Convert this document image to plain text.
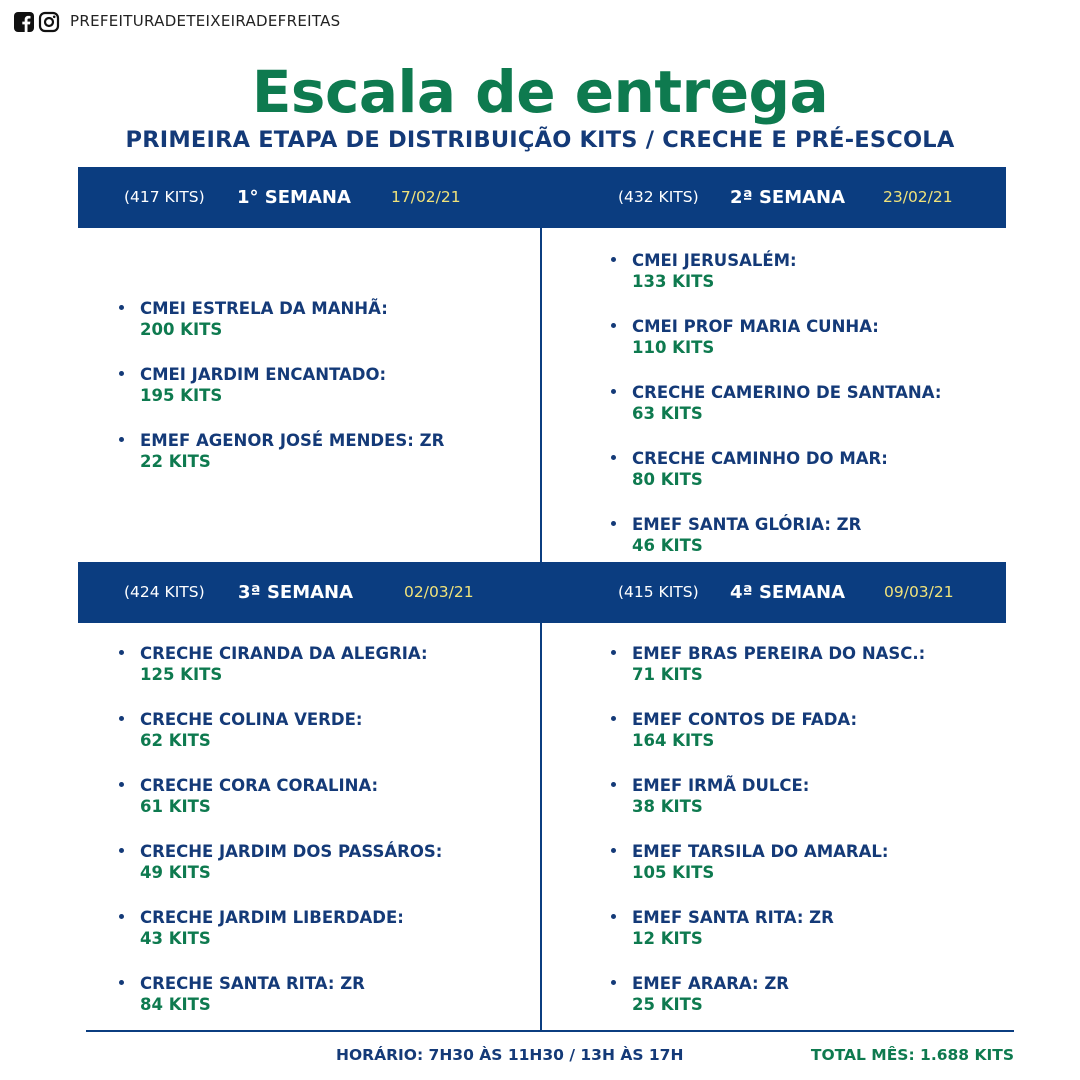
PREFEITURADETEIXEIRADEFREITAS
Escala de entrega
PRIMEIRA ETAPA DE DISTRIBUIÇÃO KITS / CRECHE E PRÉ-ESCOLA
(417 KITS) 1° SEMANA	17/02/21	(432 KITS) 2ª SEMANA 23/02/21
(424 KITS) 3ª SEMANA	02/03/21	(415 KITS) 4ª SEMANA	09/03/21
CMEI ESTRELA DA MANHÃ:
200 KITS
CMEI JARDIM ENCANTADO:
195 KITS
EMEF AGENOR JOSÉ MENDES: ZR
22 KITS
CMEI JERUSALÉM:
133 KITS
CMEI PROF MARIA CUNHA:
110 KITS
CRECHE CAMERINO DE SANTANA:
63 KITS
CRECHE CAMINHO DO MAR:
80 KITS
EMEF SANTA GLÓRIA: ZR
46 KITS
CRECHE CIRANDA DA ALEGRIA:
125 KITS
CRECHE COLINA VERDE:
62 KITS
CRECHE CORA CORALINA:
61 KITS
CRECHE JARDIM DOS PASSÁROS:
49 KITS
CRECHE JARDIM LIBERDADE:
43 KITS
CRECHE SANTA RITA: ZR
84 KITS
EMEF BRAS PEREIRA DO NASC.:
71 KITS
EMEF CONTOS DE FADA:
164 KITS
EMEF IRMÃ DULCE:
38 KITS
EMEF TARSILA DO AMARAL:
105 KITS
EMEF SANTA RITA: ZR
12 KITS
EMEF ARARA: ZR
25 KITS
HORÁRIO: 7H30 ÀS 11H30 / 13H ÀS 17H	TOTAL MÊS: 1.688 KITS
